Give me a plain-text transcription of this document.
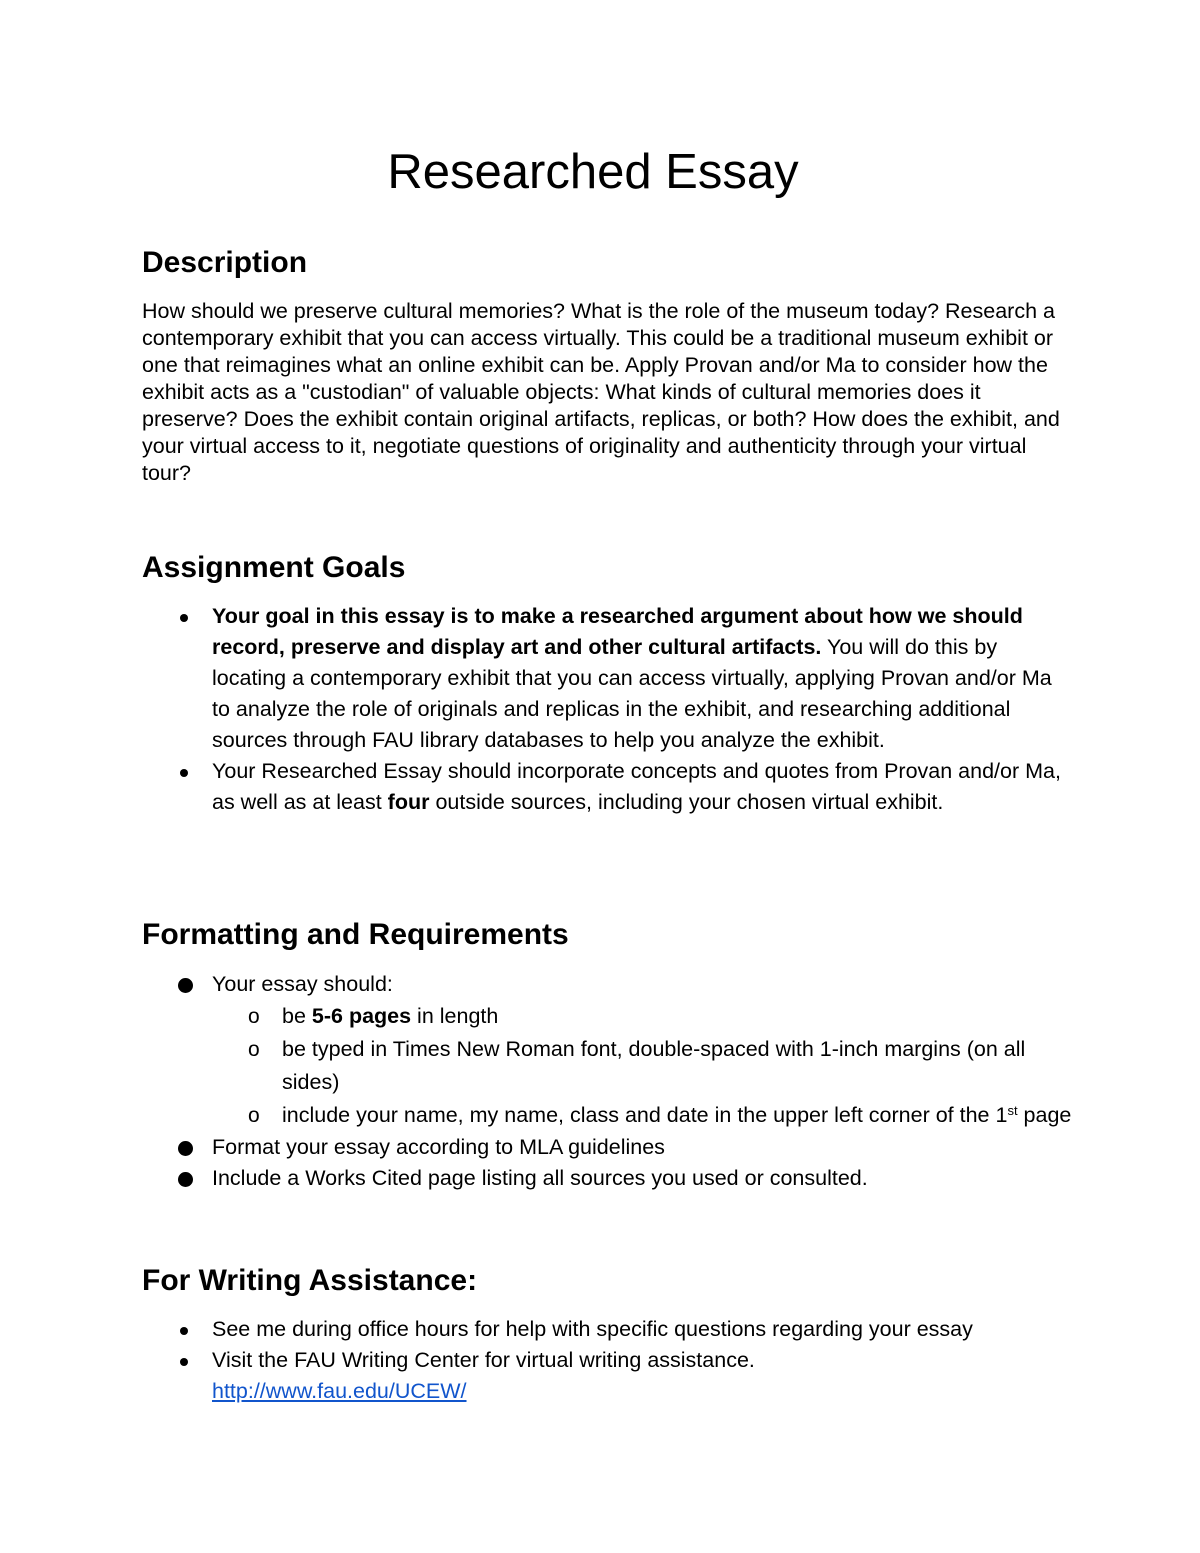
Researched Essay
Description

How should we preserve cultural memories? What is the role of the museum today? Research a contemporary exhibit that you can access virtually. This could be a traditional museum exhibit or one that reimagines what an online exhibit can be. Apply Provan and/or Ma to consider how the exhibit acts as a "custodian" of valuable objects: What kinds of cultural memories does it preserve? Does the exhibit contain original artifacts, replicas, or both? How does the exhibit, and your virtual access to it, negotiate questions of originality and authenticity through your virtual tour?

Assignment Goals
Your goal in this essay is to make a researched argument about how we should record, preserve and display art and other cultural artifacts. You will do this by locating a contemporary exhibit that you can access virtually, applying Provan and/or Ma to analyze the role of originals and replicas in the exhibit, and researching additional sources through FAU library databases to help you analyze the exhibit.
Your Researched Essay should incorporate concepts and quotes from Provan and/or Ma, as well as at least four outside sources, including your chosen virtual exhibit.
Formatting and Requirements
Your essay should:
o be 5-6 pages in length
o be typed in Times New Roman font, double-spaced with 1-inch margins (on all sides)
o include your name, my name, class and date in the upper left corner of the 1st page
Format your essay according to MLA guidelines
Include a Works Cited page listing all sources you used or consulted.
For Writing Assistance:
See me during office hours for help with specific questions regarding your essay
Visit the FAU Writing Center for virtual writing assistance.
http://www.fau.edu/UCEW/
